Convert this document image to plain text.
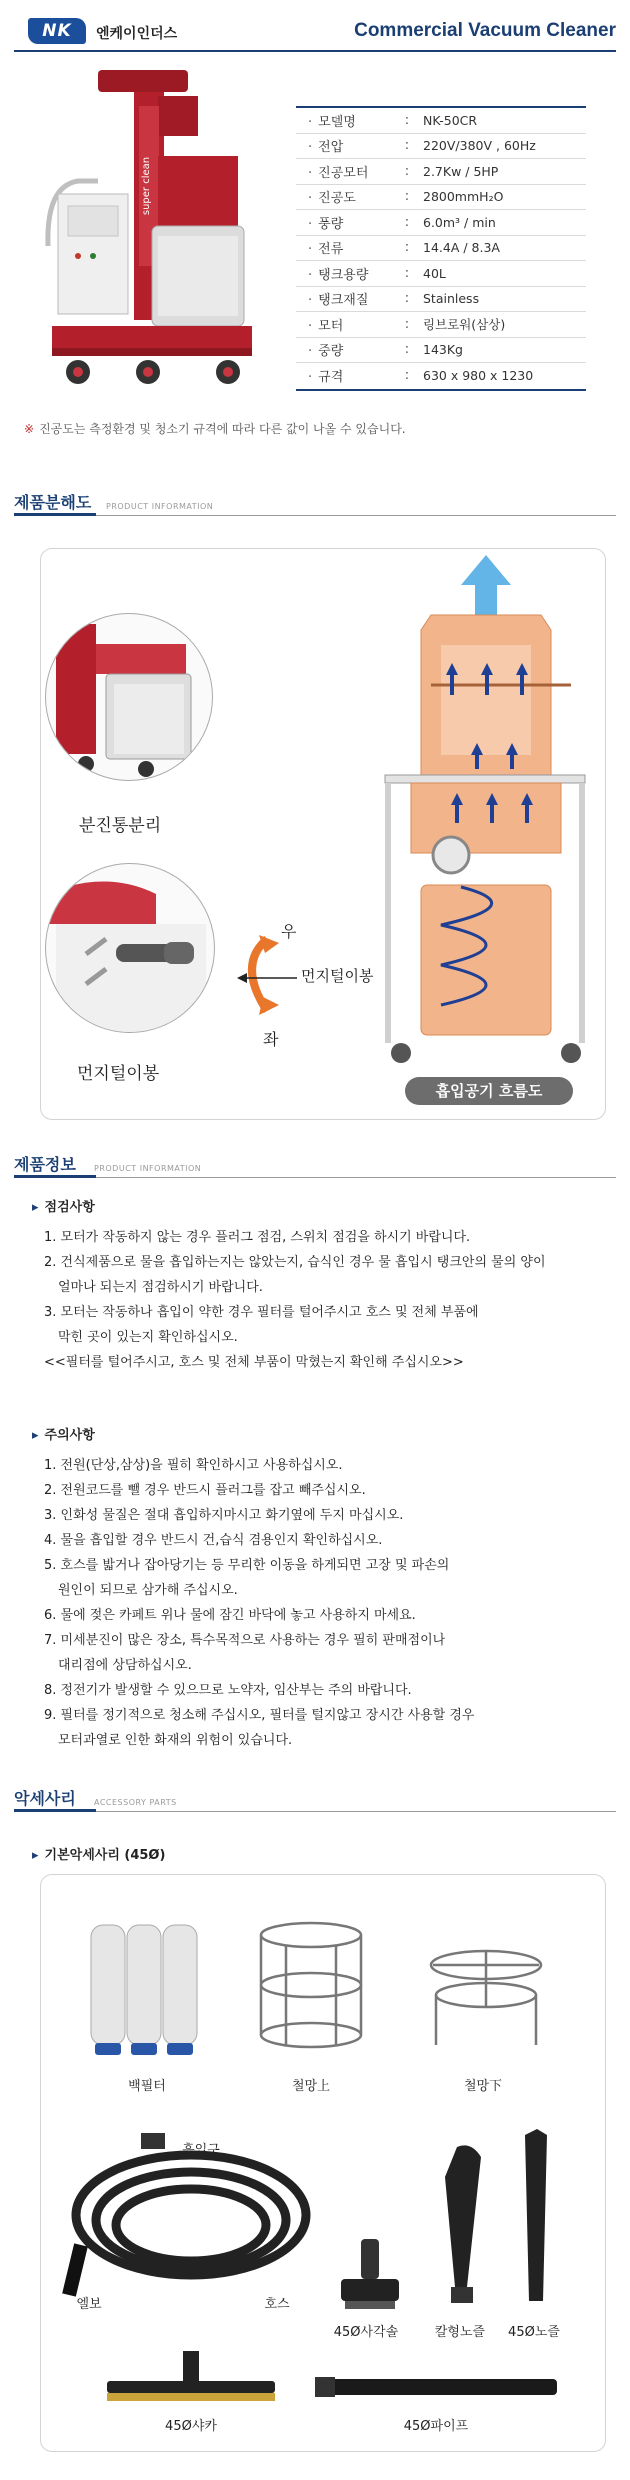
NK	엔케이인더스	Commercial Vacuum Cleaner
super clean
· 모델명	:	NK-50CR
· 전압	:	220V/380V , 60Hz
· 진공모터	:	2.7Kw / 5HP
· 진공도	:	2800mmH₂O
· 풍량	:	6.0m³ / min
· 전류	:	14.4A / 8.3A
· 탱크용량	:	40L
· 탱크재질	:	Stainless
· 모터	:	링브로워(삼상)
· 중량	:	143Kg
· 규격	:	630 x 980 x 1230
※ 진공도는 측정환경 및 청소기 규격에 따라 다른 값이 나올 수 있습니다.
제품분해도 PRODUCT INFORMATION
분진통분리
먼지털이봉
우
좌
먼지털이봉
흡입공기 흐름도
제품정보 PRODUCT INFORMATION
▸ 점검사항
1. 모터가 작동하지 않는 경우 플러그 점검, 스위치 점검을 하시기 바랍니다.
2. 건식제품으로 물을 흡입하는지는 않았는지, 습식인 경우 물 흡입시 탱크안의 물의 양이
얼마나 되는지 점검하시기 바랍니다.
3. 모터는 작동하나 흡입이 약한 경우 필터를 털어주시고 호스 및 전체 부품에
막힌 곳이 있는지 확인하십시오.
<<필터를 털어주시고, 호스 및 전체 부품이 막혔는지 확인해 주십시오>>
▸ 주의사항
1. 전원(단상,삼상)을 필히 확인하시고 사용하십시오.
2. 전원코드를 뺄 경우 반드시 플러그를 잡고 빼주십시오.
3. 인화성 물질은 절대 흡입하지마시고 화기옆에 두지 마십시오.
4. 물을 흡입할 경우 반드시 건,습식 겸용인지 확인하십시오.
5. 호스를 밟거나 잡아당기는 등 무리한 이동을 하게되면 고장 및 파손의
원인이 되므로 삼가해 주십시오.
6. 물에 젖은 카페트 위나 물에 잠긴 바닥에 놓고 사용하지 마세요.
7. 미세분진이 많은 장소, 특수목적으로 사용하는 경우 필히 판매점이나
대리점에 상담하십시오.
8. 정전기가 발생할 수 있으므로 노약자, 임산부는 주의 바랍니다.
9. 필터를 정기적으로 청소해 주십시오, 필터를 털지않고 장시간 사용할 경우
모터과열로 인한 화재의 위험이 있습니다.
악세사리 ACCESSORY PARTS
▸ 기본악세사리 (45Ø)
백필터	철망上	철망下
흡입구
엘보	호스
45Ø사각솔	칼형노즐	45Ø노즐
45Ø샤카	45Ø파이프
